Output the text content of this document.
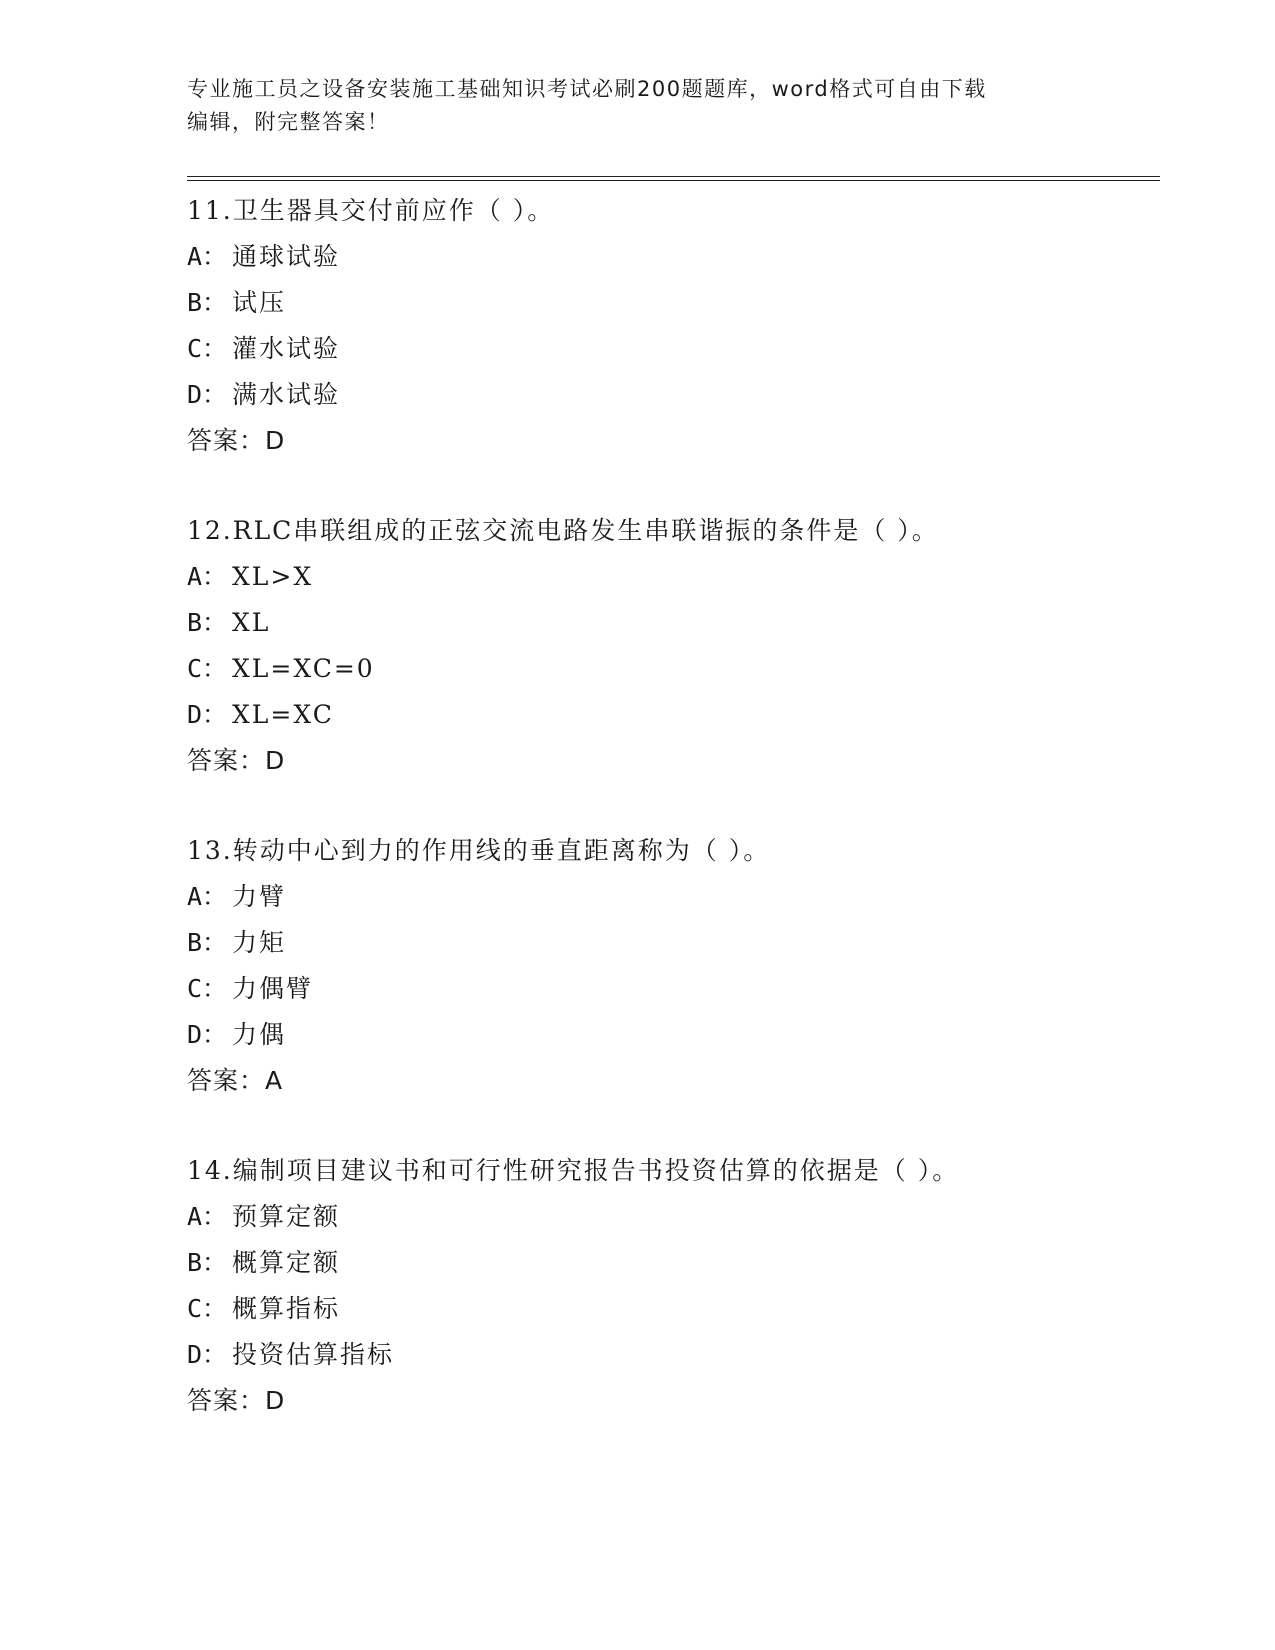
专业施工员之设备安装施工基础知识考试必刷200题题库，word格式可自由下载
编辑，附完整答案！
11.卫生器具交付前应作（ ）。
A： 通球试验
B： 试压
C： 灌水试验
D： 满水试验
答案：D
12.RLC串联组成的正弦交流电路发生串联谐振的条件是（ ）。
A： XL>X
B： XL
C： XL=XC=0
D： XL=XC
答案：D
13.转动中心到力的作用线的垂直距离称为（ ）。
A： 力臂
B： 力矩
C： 力偶臂
D： 力偶
答案：A
14.编制项目建议书和可行性研究报告书投资估算的依据是（ ）。
A： 预算定额
B： 概算定额
C： 概算指标
D： 投资估算指标
答案：D
